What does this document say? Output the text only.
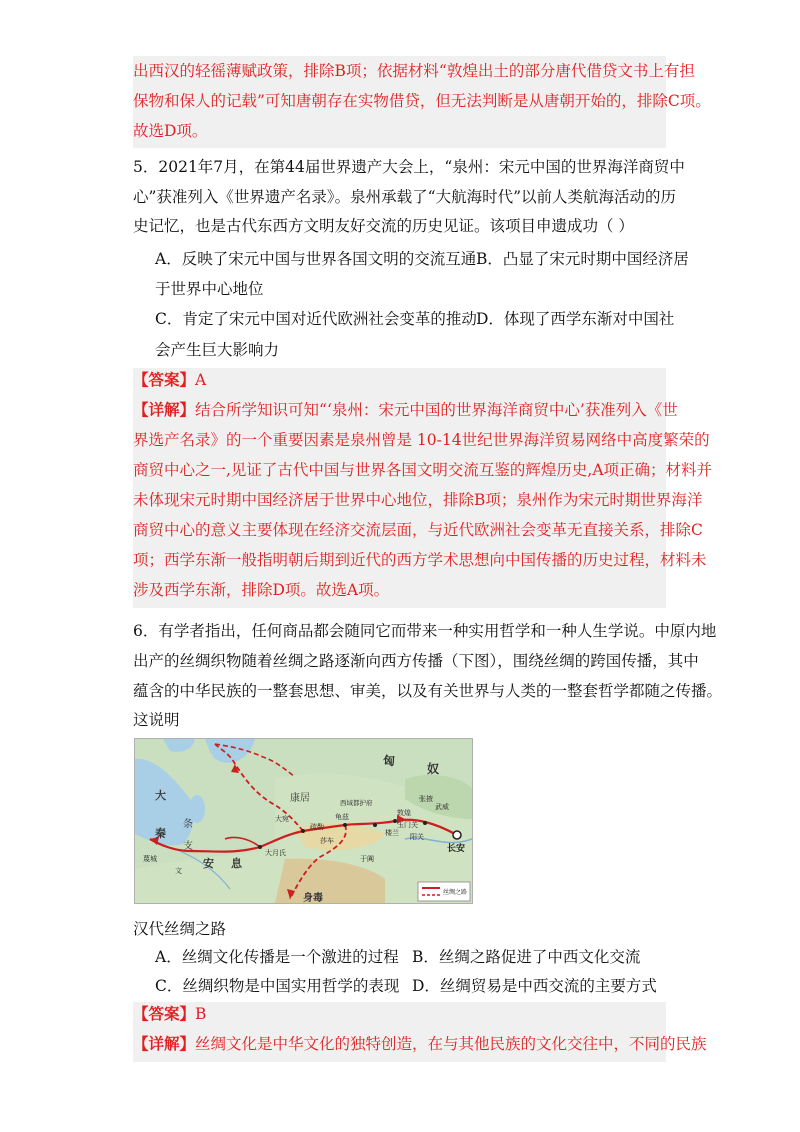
出西汉的轻徭薄赋政策，排除B项；依据材料“敦煌出土的部分唐代借贷文书上有担
保物和保人的记载”可知唐朝存在实物借贷，但无法判断是从唐朝开始的，排除C项。
故选D项。
5．2021年7月，在第44届世界遗产大会上，“泉州：宋元中国的世界海洋商贸中
心”获准列入《世界遗产名录》。泉州承载了“大航海时代”以前人类航海活动的历
史记忆，也是古代东西方文明友好交流的历史见证。该项目申遗成功（ ）
A．反映了宋元中国与世界各国文明的交流互通 B．凸显了宋元时期中国经济居
于世界中心地位
C．肯定了宋元中国对近代欧洲社会变革的推动 D．体现了西学东渐对中国社
会产生巨大影响力
【答案】A
【详解】结合所学知识可知“‘泉州：宋元中国的世界海洋商贸中心’获准列入《世
界选产名录》的一个重要因素是泉州曾是 10-14世纪世界海洋贸易网络中高度繁荣的
商贸中心之一,见证了古代中国与世界各国文明交流互鉴的辉煌历史,A项正确；材料并
未体现宋元时期中国经济居于世界中心地位，排除B项；泉州作为宋元时期世界海洋
商贸中心的意义主要体现在经济交流层面，与近代欧洲社会变革无直接关系，排除C
项；西学东渐一般指明朝后期到近代的西方学术思想向中国传播的历史过程，材料未
涉及西学东渐，排除D项。故选A项。
6．有学者指出，任何商品都会随同它而带来一种实用哲学和一种人生学说。中原内地
出产的丝绸织物随着丝绸之路逐渐向西方传播（下图），围绕丝绸的跨国传播，其中
蕴含的中华民族的一整套思想、审美，以及有关世界与人类的一整套哲学都随之传播。
这说明
匈
奴
大
秦
安 息
长安
身毒
大宛	龟兹
疏勒
于阗
楼兰
敦煌
玉门关
武威
张掖
西域都护府
大月氏
阳关
莎车
条
支
蔑城
康居
文
丝绸之路
汉代丝绸之路
A．丝绸文化传播是一个激进的过程 B．丝绸之路促进了中西文化交流
C．丝绸织物是中国实用哲学的表现 D．丝绸贸易是中西交流的主要方式
【答案】B
【详解】丝绸文化是中华文化的独特创造，在与其他民族的文化交往中，不同的民族
